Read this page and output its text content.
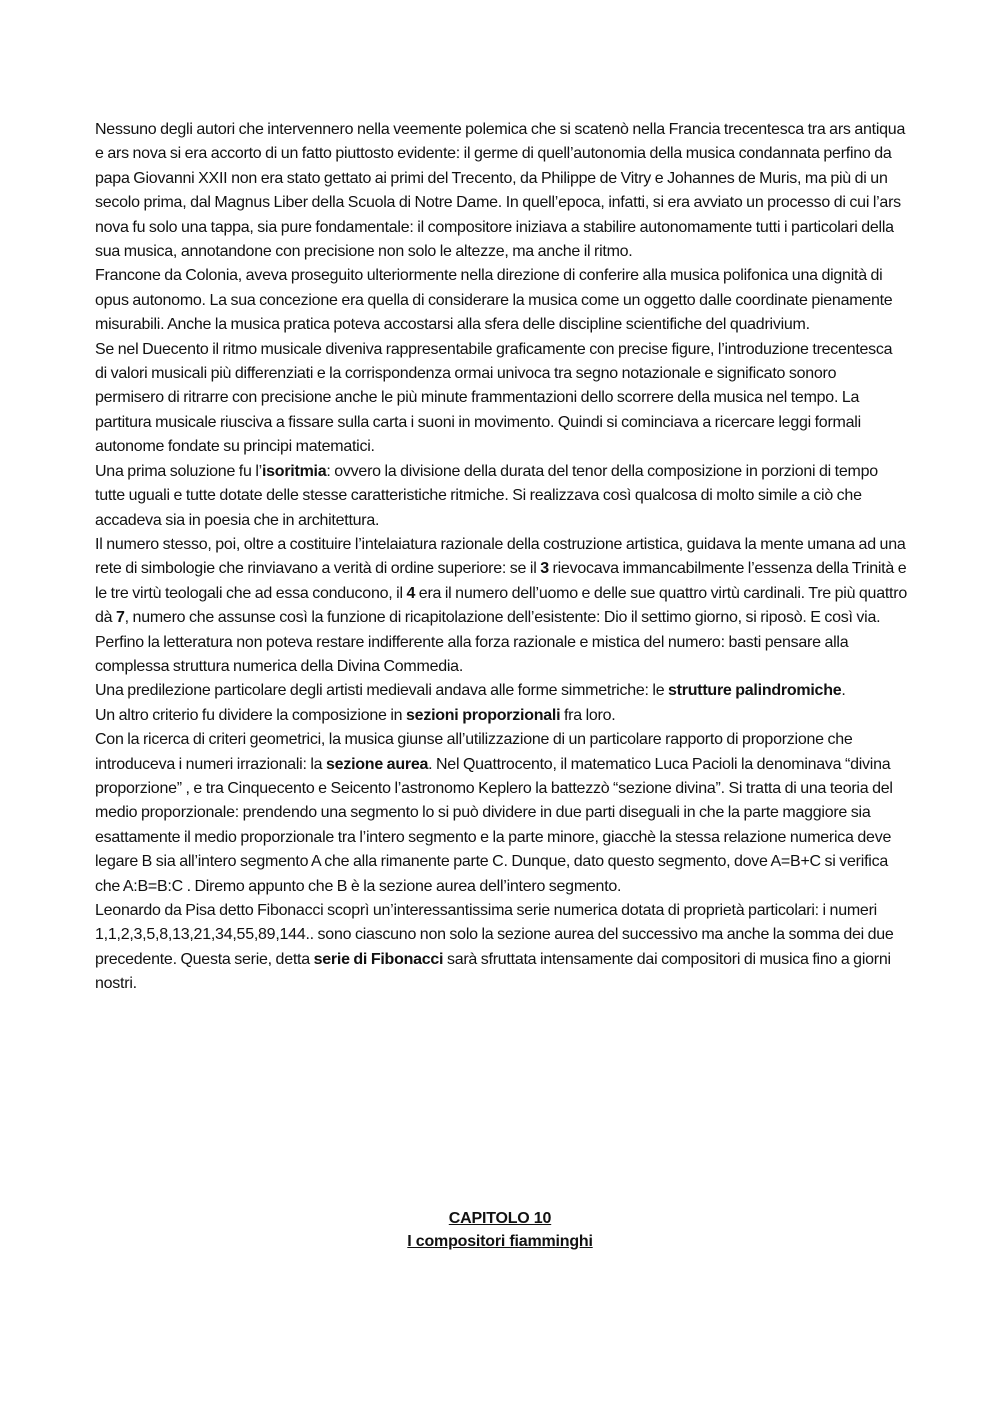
Nessuno degli autori che intervennero nella veemente polemica che si scatenò nella Francia trecentesca tra ars antiqua e ars nova si era accorto di un fatto piuttosto evidente: il germe di quell’autonomia della musica condannata perfino da papa Giovanni XXII non era stato gettato ai primi del Trecento, da Philippe de Vitry e Johannes de Muris, ma più di un secolo prima, dal Magnus Liber della Scuola di Notre Dame. In quell’epoca, infatti, si era avviato un processo di cui l’ars nova fu solo una tappa, sia pure fondamentale: il compositore iniziava a stabilire autonomamente tutti i particolari della sua musica, annotandone con precisione non solo le altezze, ma anche il ritmo.

Francone da Colonia, aveva proseguito ulteriormente nella direzione di conferire alla musica polifonica una dignità di opus autonomo. La sua concezione era quella di considerare la musica come un oggetto dalle coordinate pienamente misurabili. Anche la musica pratica poteva accostarsi alla sfera delle discipline scientifiche del quadrivium.

Se nel Duecento il ritmo musicale diveniva rappresentabile graficamente con precise figure, l’introduzione trecentesca di valori musicali più differenziati e la corrispondenza ormai univoca tra segno notazionale e significato sonoro permisero di ritrarre con precisione anche le più minute frammentazioni dello scorrere della musica nel tempo. La partitura musicale riusciva a fissare sulla carta i suoni in movimento. Quindi si cominciava a ricercare leggi formali autonome fondate su principi matematici.

Una prima soluzione fu l’isoritmia: ovvero la divisione della durata del tenor della composizione in porzioni di tempo tutte uguali e tutte dotate delle stesse caratteristiche ritmiche. Si realizzava così qualcosa di molto simile a ciò che accadeva sia in poesia che in architettura.

Il numero stesso, poi, oltre a costituire l’intelaiatura razionale della costruzione artistica, guidava la mente umana ad una rete di simbologie che rinviavano a verità di ordine superiore: se il 3 rievocava immancabilmente l’essenza della Trinità e le tre virtù teologali che ad essa conducono, il 4 era il numero dell’uomo e delle sue quattro virtù cardinali. Tre più quattro dà 7, numero che assunse così la funzione di ricapitolazione dell’esistente: Dio il settimo giorno, si riposò. E così via. Perfino la letteratura non poteva restare indifferente alla forza razionale e mistica del numero: basti pensare alla complessa struttura numerica della Divina Commedia.

Una predilezione particolare degli artisti medievali andava alle forme simmetriche: le strutture palindromiche.

Un altro criterio fu dividere la composizione in sezioni proporzionali fra loro.

Con la ricerca di criteri geometrici, la musica giunse all’utilizzazione di un particolare rapporto di proporzione che introduceva i numeri irrazionali: la sezione aurea. Nel Quattrocento, il matematico Luca Pacioli la denominava “divina proporzione” , e tra Cinquecento e Seicento l’astronomo Keplero la battezzò “sezione divina”. Si tratta di una teoria del medio proporzionale: prendendo una segmento lo si può dividere in due parti diseguali in che la parte maggiore sia esattamente il medio proporzionale tra l’intero segmento e la parte minore, giacchè la stessa relazione numerica deve legare B sia all’intero segmento A che alla rimanente parte C. Dunque, dato questo segmento, dove A=B+C si verifica che A:B=B:C . Diremo appunto che B è la sezione aurea dell’intero segmento.

Leonardo da Pisa detto Fibonacci scoprì un’interessantissima serie numerica dotata di proprietà particolari: i numeri 1,1,2,3,5,8,13,21,34,55,89,144.. sono ciascuno non solo la sezione aurea del successivo ma anche la somma dei due precedente. Questa serie, detta serie di Fibonacci sarà sfruttata intensamente dai compositori di musica fino a giorni nostri.

CAPITOLO 10
I compositori fiamminghi
